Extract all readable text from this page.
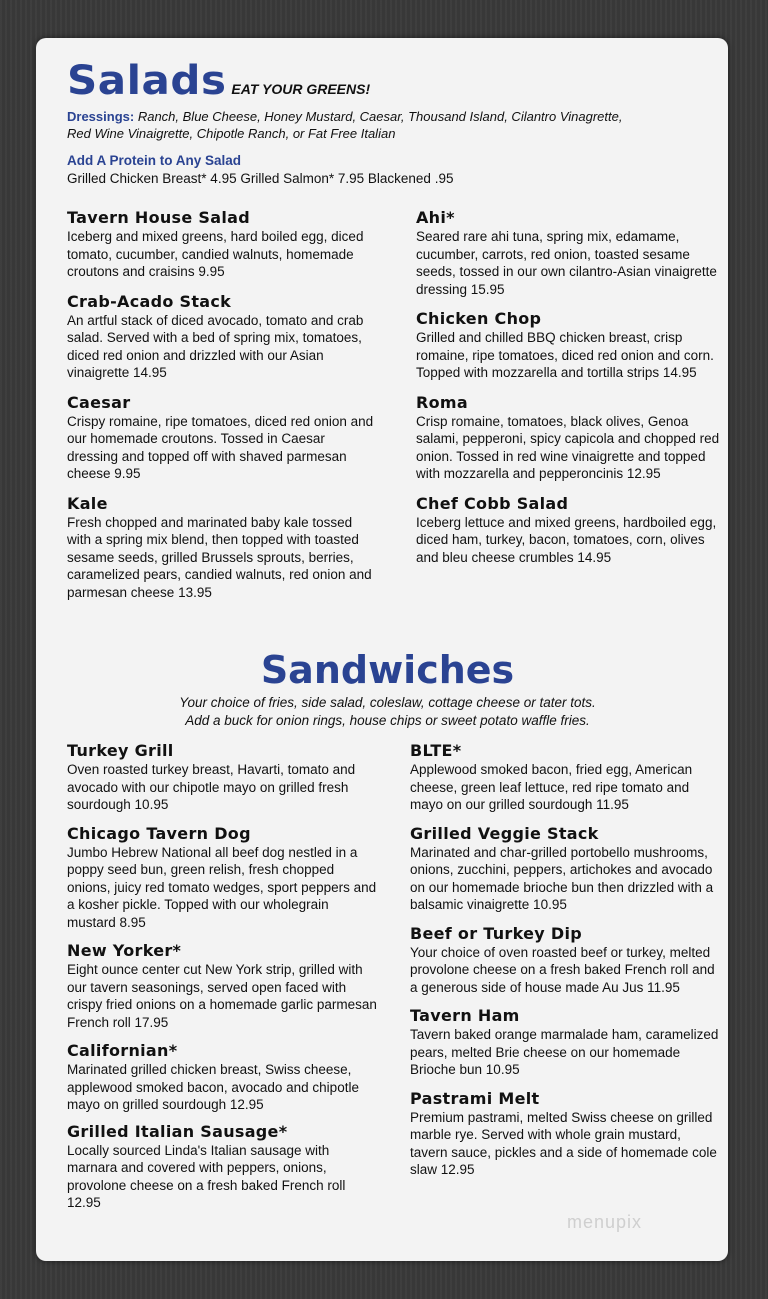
Salads EAT YOUR GREENS!
Dressings: Ranch, Blue Cheese, Honey Mustard, Caesar, Thousand Island, Cilantro Vinagrette, Red Wine Vinaigrette, Chipotle Ranch, or Fat Free Italian
Add A Protein to Any Salad
Grilled Chicken Breast* 4.95 Grilled Salmon* 7.95 Blackened .95
Tavern House Salad
Iceberg and mixed greens, hard boiled egg, diced tomato, cucumber, candied walnuts, homemade croutons and craisins 9.95
Crab-Acado Stack
An artful stack of diced avocado, tomato and crab salad. Served with a bed of spring mix, tomatoes, diced red onion and drizzled with our Asian vinaigrette 14.95
Caesar
Crispy romaine, ripe tomatoes, diced red onion and our homemade croutons. Tossed in Caesar dressing and topped off with shaved parmesan cheese 9.95
Kale
Fresh chopped and marinated baby kale tossed with a spring mix blend, then topped with toasted sesame seeds, grilled Brussels sprouts, berries, caramelized pears, candied walnuts, red onion and parmesan cheese 13.95
Ahi*
Seared rare ahi tuna, spring mix, edamame, cucumber, carrots, red onion, toasted sesame seeds, tossed in our own cilantro-Asian vinaigrette dressing 15.95
Chicken Chop
Grilled and chilled BBQ chicken breast, crisp romaine, ripe tomatoes, diced red onion and corn. Topped with mozzarella and tortilla strips 14.95
Roma
Crisp romaine, tomatoes, black olives, Genoa salami, pepperoni, spicy capicola and chopped red onion. Tossed in red wine vinaigrette and topped with mozzarella and pepperoncinis 12.95
Chef Cobb Salad
Iceberg lettuce and mixed greens, hardboiled egg, diced ham, turkey, bacon, tomatoes, corn, olives and bleu cheese crumbles 14.95
Sandwiches
Your choice of fries, side salad, coleslaw, cottage cheese or tater tots.
Add a buck for onion rings, house chips or sweet potato waffle fries.
Turkey Grill
Oven roasted turkey breast, Havarti, tomato and avocado with our chipotle mayo on grilled fresh sourdough 10.95
Chicago Tavern Dog
Jumbo Hebrew National all beef dog nestled in a poppy seed bun, green relish, fresh chopped onions, juicy red tomato wedges, sport peppers and a kosher pickle. Topped with our wholegrain mustard 8.95
New Yorker*
Eight ounce center cut New York strip, grilled with our tavern seasonings, served open faced with crispy fried onions on a homemade garlic parmesan French roll 17.95
Californian*
Marinated grilled chicken breast, Swiss cheese, applewood smoked bacon, avocado and chipotle mayo on grilled sourdough 12.95
Grilled Italian Sausage*
Locally sourced Linda's Italian sausage with marnara and covered with peppers, onions, provolone cheese on a fresh baked French roll 12.95
BLTE*
Applewood smoked bacon, fried egg, American cheese, green leaf lettuce, red ripe tomato and mayo on our grilled sourdough 11.95
Grilled Veggie Stack
Marinated and char-grilled portobello mushrooms, onions, zucchini, peppers, artichokes and avocado on our homemade brioche bun then drizzled with a balsamic vinaigrette 10.95
Beef or Turkey Dip
Your choice of oven roasted beef or turkey, melted provolone cheese on a fresh baked French roll and a generous side of house made Au Jus 11.95
Tavern Ham
Tavern baked orange marmalade ham, caramelized pears, melted Brie cheese on our homemade Brioche bun 10.95
Pastrami Melt
Premium pastrami, melted Swiss cheese on grilled marble rye. Served with whole grain mustard, tavern sauce, pickles and a side of homemade cole slaw 12.95
menupix
